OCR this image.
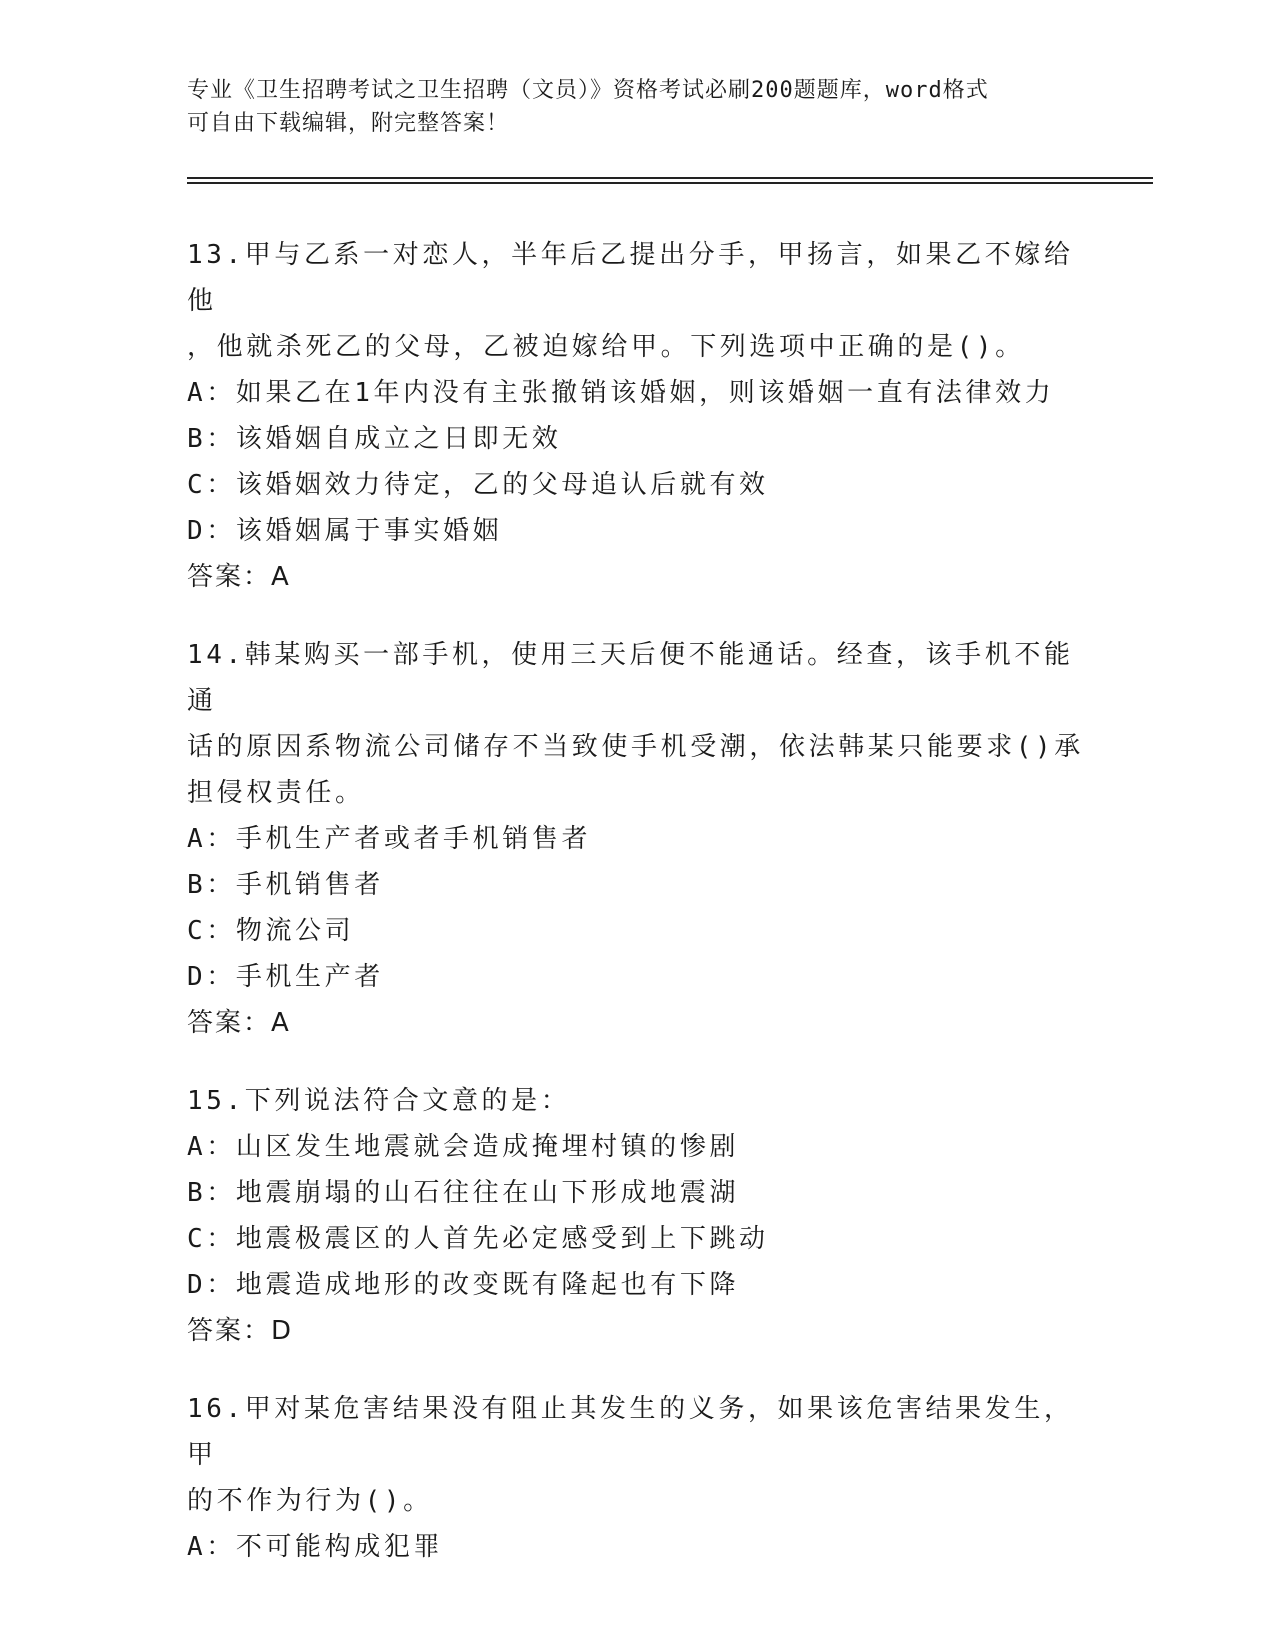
专业《卫生招聘考试之卫生招聘（文员）》资格考试必刷200题题库，word格式
可自由下载编辑，附完整答案！
13.甲与乙系一对恋人，半年后乙提出分手，甲扬言，如果乙不嫁给他
，他就杀死乙的父母，乙被迫嫁给甲。下列选项中正确的是()。
A：如果乙在1年内没有主张撤销该婚姻，则该婚姻一直有法律效力
B：该婚姻自成立之日即无效
C：该婚姻效力待定，乙的父母追认后就有效
D：该婚姻属于事实婚姻
答案：A
14.韩某购买一部手机，使用三天后便不能通话。经查，该手机不能通
话的原因系物流公司储存不当致使手机受潮，依法韩某只能要求()承
担侵权责任。
A：手机生产者或者手机销售者
B：手机销售者
C：物流公司
D：手机生产者
答案：A
15.下列说法符合文意的是：
A：山区发生地震就会造成掩埋村镇的惨剧
B：地震崩塌的山石往往在山下形成地震湖
C：地震极震区的人首先必定感受到上下跳动
D：地震造成地形的改变既有隆起也有下降
答案：D
16.甲对某危害结果没有阻止其发生的义务，如果该危害结果发生，甲
的不作为行为()。
A：不可能构成犯罪
